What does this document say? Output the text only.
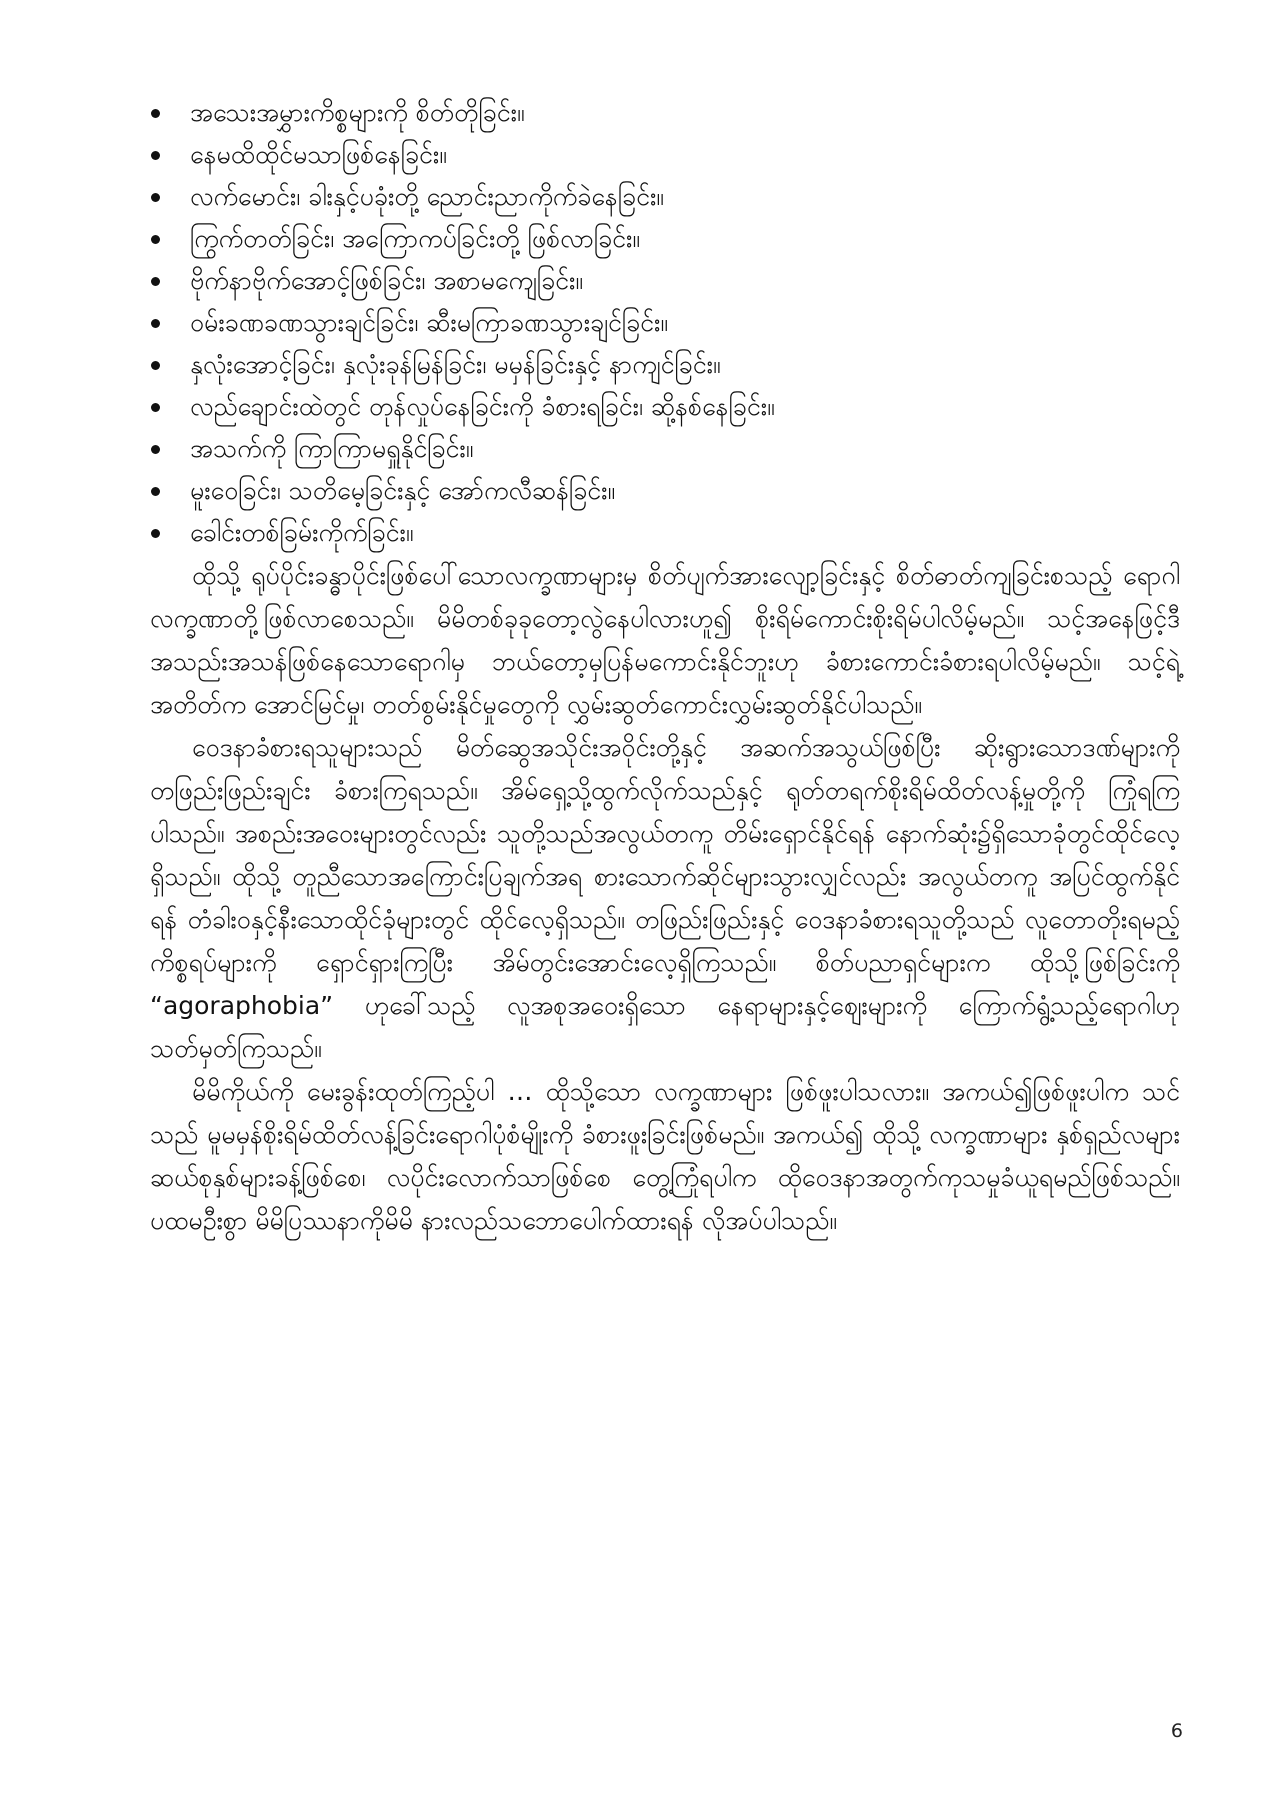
အသေးအမွှားကိစ္စများကို စိတ်တိုခြင်း။
နေမထိထိုင်မသာဖြစ်နေခြင်း။
လက်မောင်း၊ ခါးနှင့်ပခုံးတို့ ညောင်းညာကိုက်ခဲနေခြင်း။
ကြွက်တတ်ခြင်း၊ အကြောကပ်ခြင်းတို့ ဖြစ်လာခြင်း။
ဗိုက်နာဗိုက်အောင့်ဖြစ်ခြင်း၊ အစာမကျေခြင်း။
ဝမ်းခဏခဏသွားချင်ခြင်း၊ ဆီးမကြာခဏသွားချင်ခြင်း။
နှလုံးအောင့်ခြင်း၊ နှလုံးခုန်မြန်ခြင်း၊ မမှန်ခြင်းနှင့် နာကျင်ခြင်း။
လည်ချောင်းထဲတွင် တုန်လှုပ်နေခြင်းကို ခံစားရခြင်း၊ ဆို့နစ်နေခြင်း။
အသက်ကို ကြာကြာမရှူနိုင်ခြင်း။
မူးဝေခြင်း၊ သတိမေ့ခြင်းနှင့် အော်ကလီဆန်ခြင်း။
ခေါင်းတစ်ခြမ်းကိုက်ခြင်း။

ထိုသို့ ရုပ်ပိုင်းခန္ဓာပိုင်းဖြစ်ပေါ်သောလက္ခဏာများမှ စိတ်ပျက်အားလျော့ခြင်းနှင့် စိတ်ဓာတ်ကျခြင်းစသည့် ရောဂါလက္ခဏာတို့ဖြစ်လာစေသည်။ မိမိတစ်ခုခုတော့လွဲနေပါလားဟူ၍ စိုးရိမ်ကောင်းစိုးရိမ်ပါလိမ့်မည်။ သင့်အနေဖြင့်ဒီအသည်းအသန်ဖြစ်နေသောရောဂါမှ ဘယ်တော့မှပြန်မကောင်းနိုင်ဘူးဟု ခံစားကောင်းခံစားရပါလိမ့်မည်။ သင့်ရဲ့အတိတ်က အောင်မြင်မှု၊ တတ်စွမ်းနိုင်မှုတွေကို လွှမ်းဆွတ်ကောင်းလွှမ်းဆွတ်နိုင်ပါသည်။

ဝေဒနာခံစားရသူများသည် မိတ်ဆွေအသိုင်းအဝိုင်းတို့နှင့် အဆက်အသွယ်ဖြစ်ပြီး ဆိုးရွားသောဒဏ်များကို တဖြည်းဖြည်းချင်း ခံစားကြရသည်။ အိမ်ရှေ့သို့ထွက်လိုက်သည်နှင့် ရုတ်တရက်စိုးရိမ်ထိတ်လန့်မှုတို့ကို ကြုံရကြပါသည်။ အစည်းအဝေးများတွင်လည်း သူတို့သည်အလွယ်တကူ တိမ်းရှောင်နိုင်ရန် နောက်ဆုံး၌ရှိသောခုံတွင်ထိုင်လေ့ရှိသည်။ ထိုသို့ တူညီသောအကြောင်းပြချက်အရ စားသောက်ဆိုင်များသွားလျှင်လည်း အလွယ်တကူ အပြင်ထွက်နိုင်ရန် တံခါးဝနှင့်နီးသောထိုင်ခုံများတွင် ထိုင်လေ့ရှိသည်။ တဖြည်းဖြည်းနှင့် ဝေဒနာခံစားရသူတို့သည် လူတောတိုးရမည့်ကိစ္စရပ်များကို ရှောင်ရှားကြပြီး အိမ်တွင်းအောင်းလေ့ရှိကြသည်။ စိတ်ပညာရှင်များက ထိုသို့ဖြစ်ခြင်းကို “agoraphobia” ဟုခေါ်သည့် လူအစုအဝေးရှိသော နေရာများနှင့်ဈေးများကို ကြောက်ရွံ့သည့်ရောဂါဟု သတ်မှတ်ကြသည်။

မိမိကိုယ်ကို မေးခွန်းထုတ်ကြည့်ပါ … ထိုသို့သော လက္ခဏာများ ဖြစ်ဖူးပါသလား။ အကယ်၍ဖြစ်ဖူးပါက သင်သည် မူမမှန်စိုးရိမ်ထိတ်လန့်ခြင်းရောဂါပုံစံမျိုးကို ခံစားဖူးခြင်းဖြစ်မည်။ အကယ်၍ ထိုသို့ လက္ခဏာများ နှစ်ရှည်လများဆယ်စုနှစ်များခန့်ဖြစ်စေ၊ လပိုင်းလောက်သာဖြစ်စေ တွေ့ကြုံရပါက ထိုဝေဒနာအတွက်ကုသမှုခံယူရမည်ဖြစ်သည်။ ပထမဦးစွာ မိမိပြဿနာကိုမိမိ နားလည်သဘောပေါက်ထားရန် လိုအပ်ပါသည်။

6
